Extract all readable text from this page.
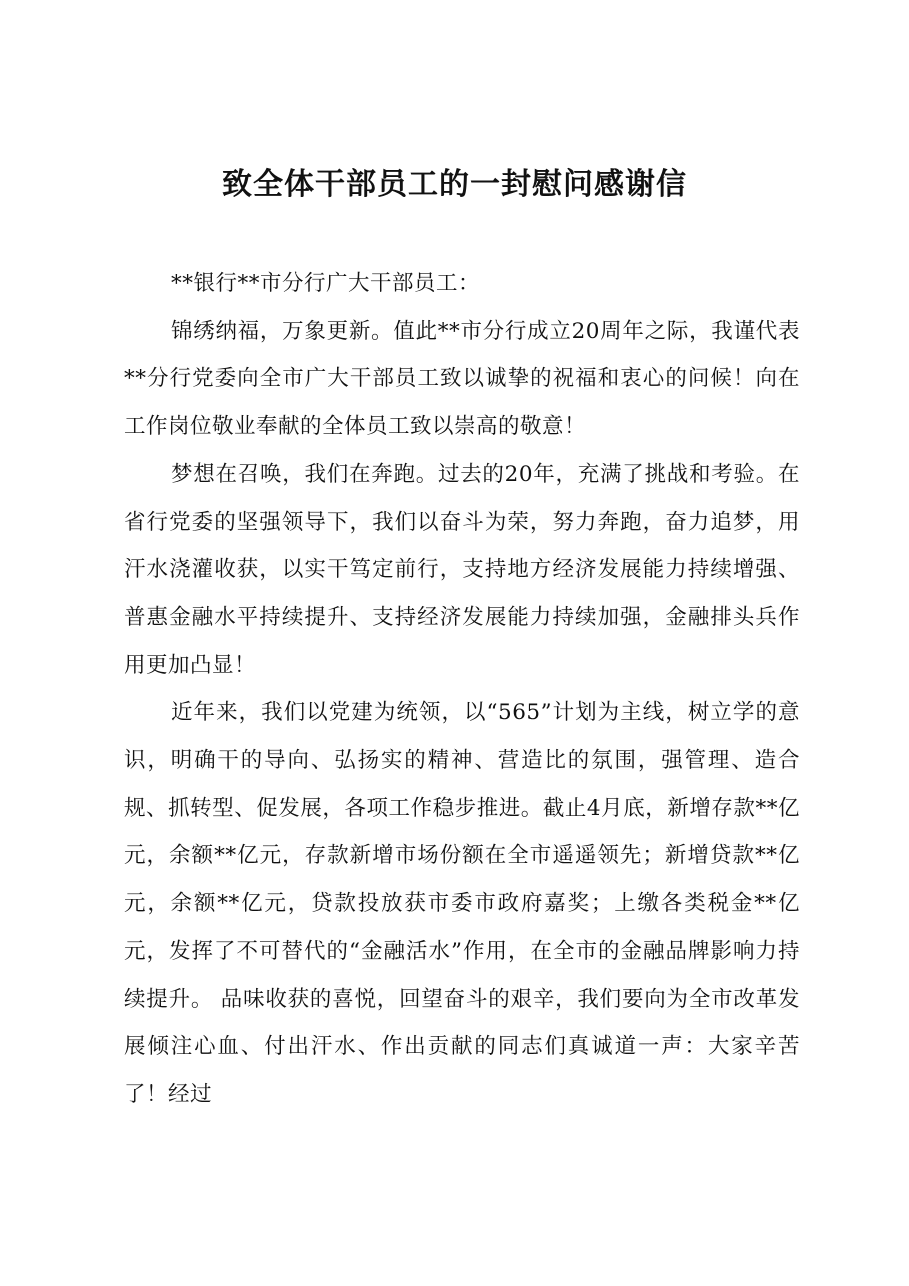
致全体干部员工的一封慰问感谢信

**银行**市分行广大干部员工：

锦绣纳福，万象更新。值此**市分行成立20周年之际，我谨代表**分行党委向全市广大干部员工致以诚挚的祝福和衷心的问候！向在工作岗位敬业奉献的全体员工致以崇高的敬意！

梦想在召唤，我们在奔跑。过去的20年，充满了挑战和考验。在省行党委的坚强领导下，我们以奋斗为荣，努力奔跑，奋力追梦，用汗水浇灌收获，以实干笃定前行，支持地方经济发展能力持续增强、普惠金融水平持续提升、支持经济发展能力持续加强，金融排头兵作用更加凸显！

近年来，我们以党建为统领，以“565”计划为主线，树立学的意识，明确干的导向、弘扬实的精神、营造比的氛围，强管理、造合规、抓转型、促发展，各项工作稳步推进。截止4月底，新增存款**亿元，余额**亿元，存款新增市场份额在全市遥遥领先；新增贷款**亿元，余额**亿元，贷款投放获市委市政府嘉奖；上缴各类税金**亿元，发挥了不可替代的“金融活水”作用，在全市的金融品牌影响力持续提升。 品味收获的喜悦，回望奋斗的艰辛，我们要向为全市改革发展倾注心血、付出汗水、作出贡献的同志们真诚道一声：大家辛苦了！经过
